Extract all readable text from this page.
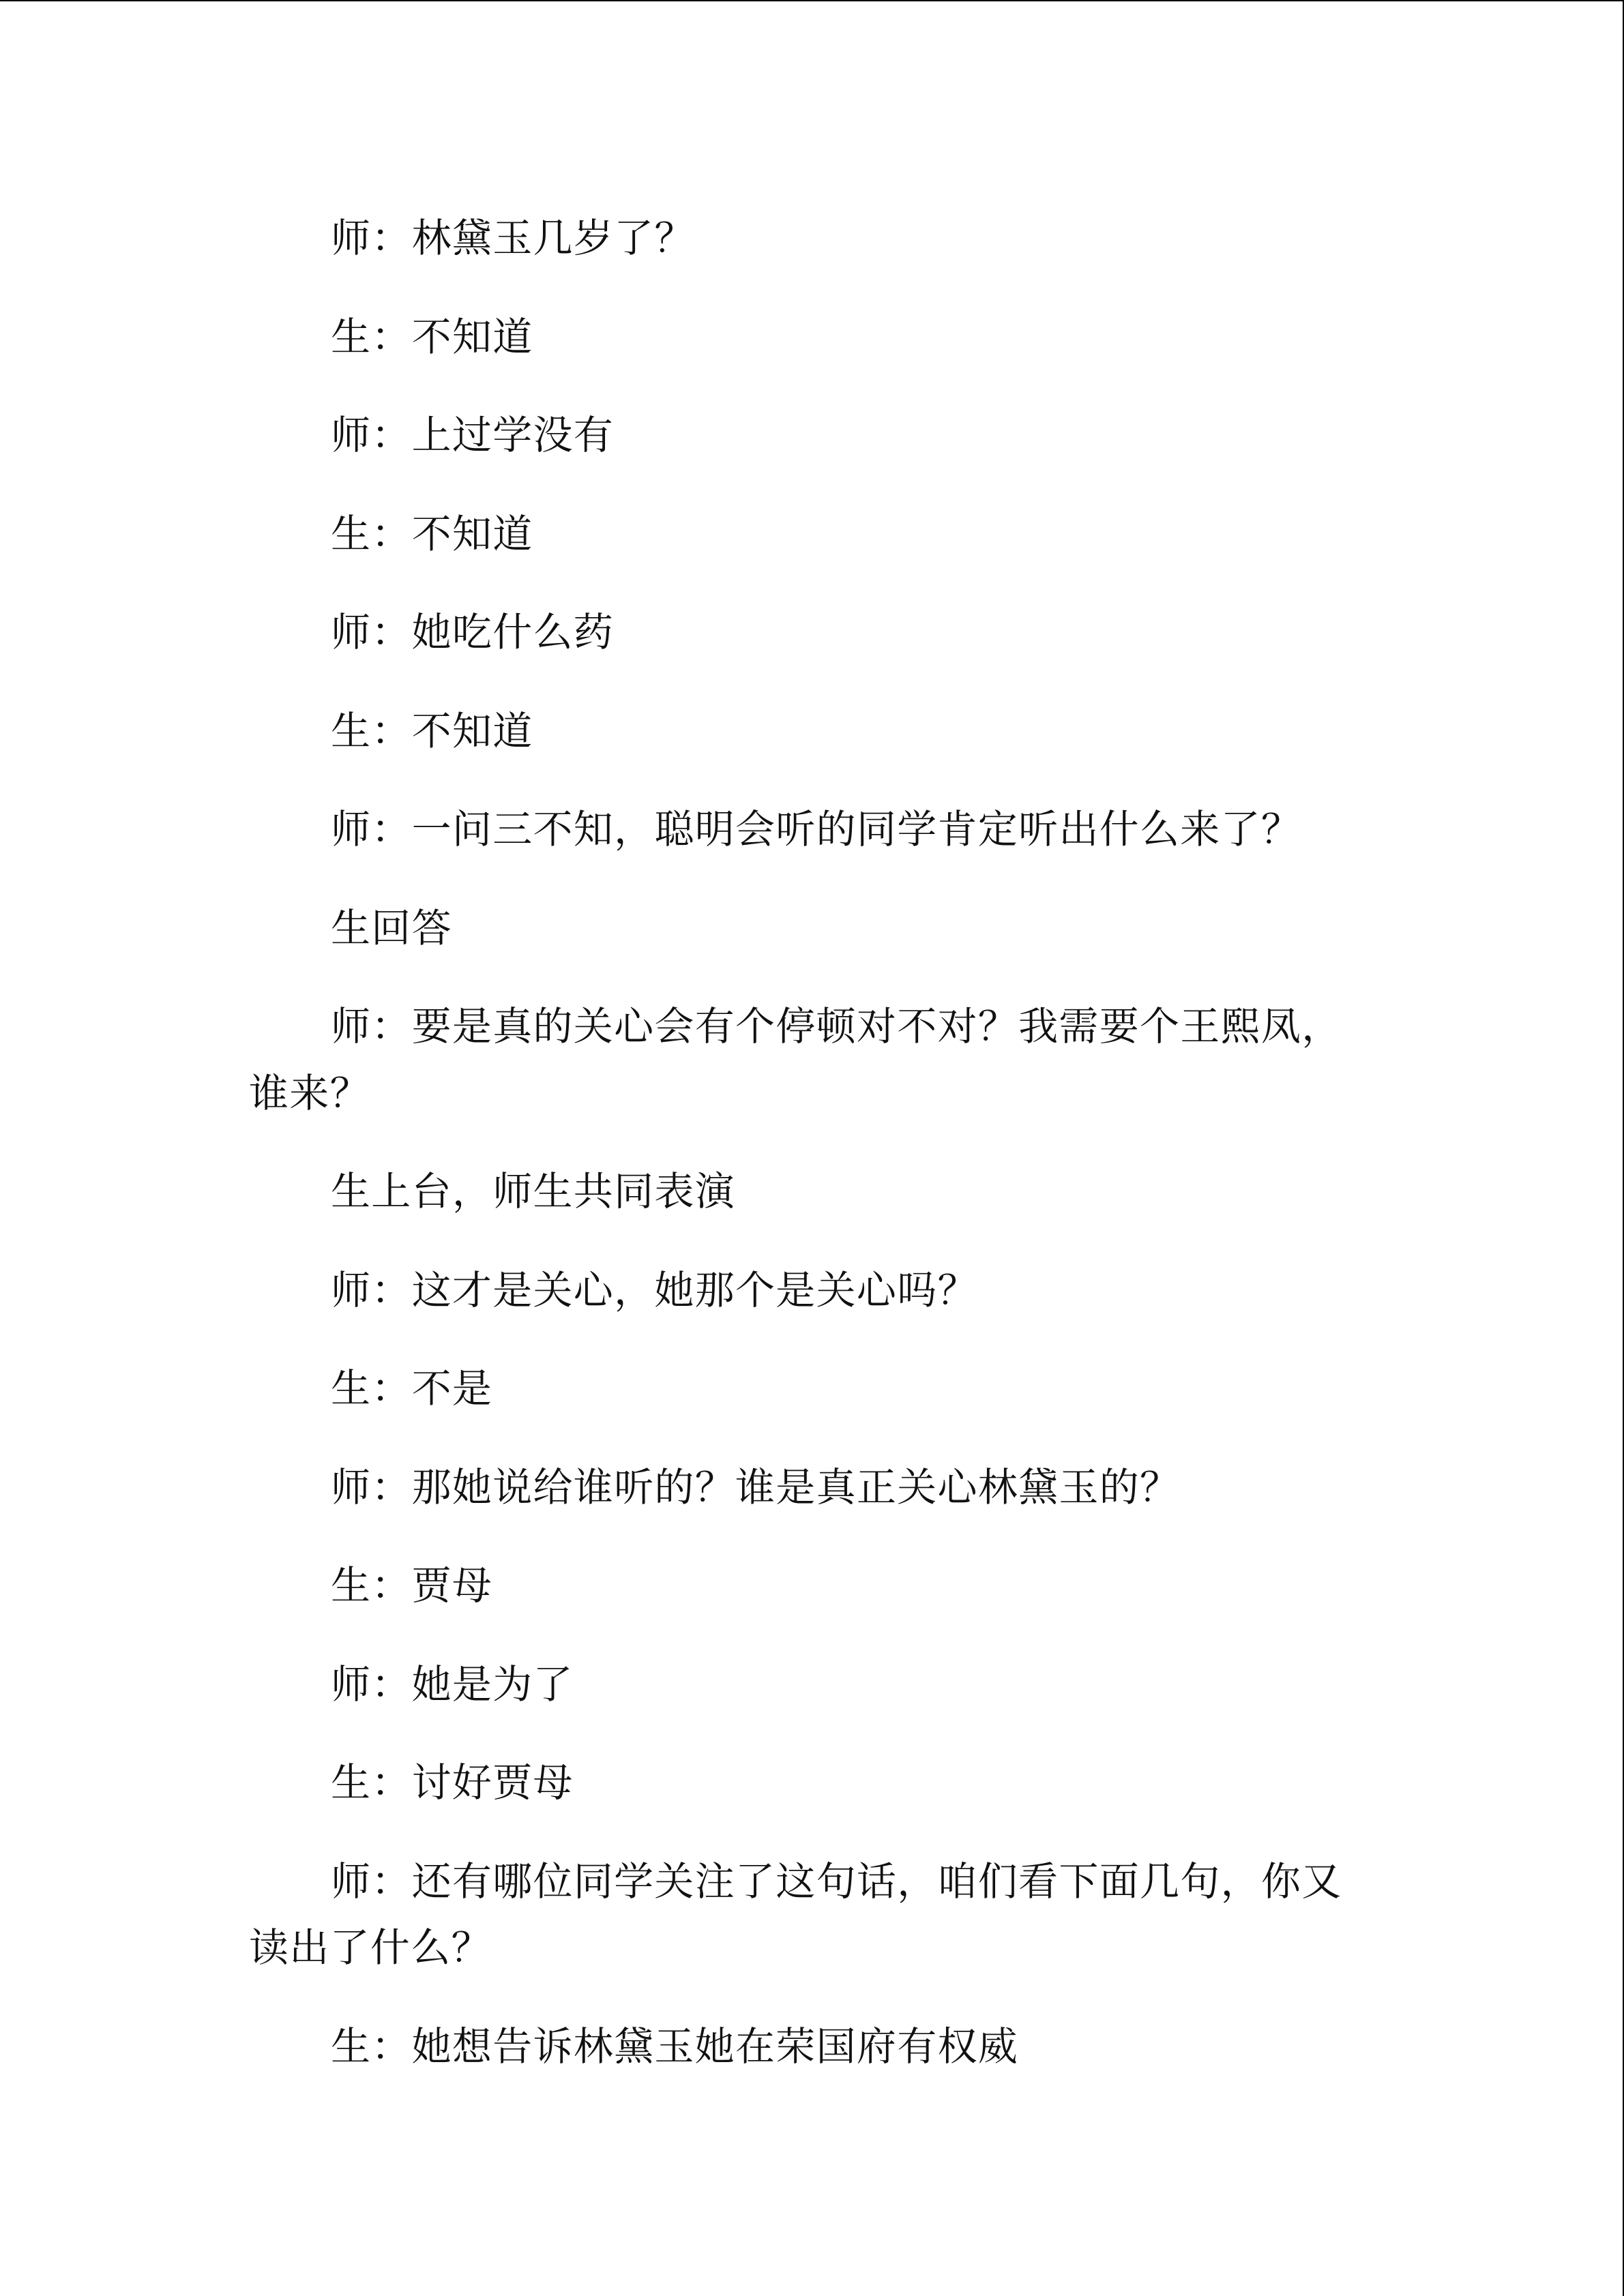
师：林黛玉几岁了？

生：不知道

师：上过学没有

生：不知道

师：她吃什么药

生：不知道

师：一问三不知，聪明会听的同学肯定听出什么来了？

生回答

师：要是真的关心会有个停顿对不对？我需要个王熙凤，
谁来？

生上台，师生共同表演

师：这才是关心，她那个是关心吗？

生：不是

师：那她说给谁听的？谁是真正关心林黛玉的？

生：贾母

师：她是为了

生：讨好贾母

师：还有哪位同学关注了这句话，咱们看下面几句，你又
读出了什么？

生：她想告诉林黛玉她在荣国府有权威
